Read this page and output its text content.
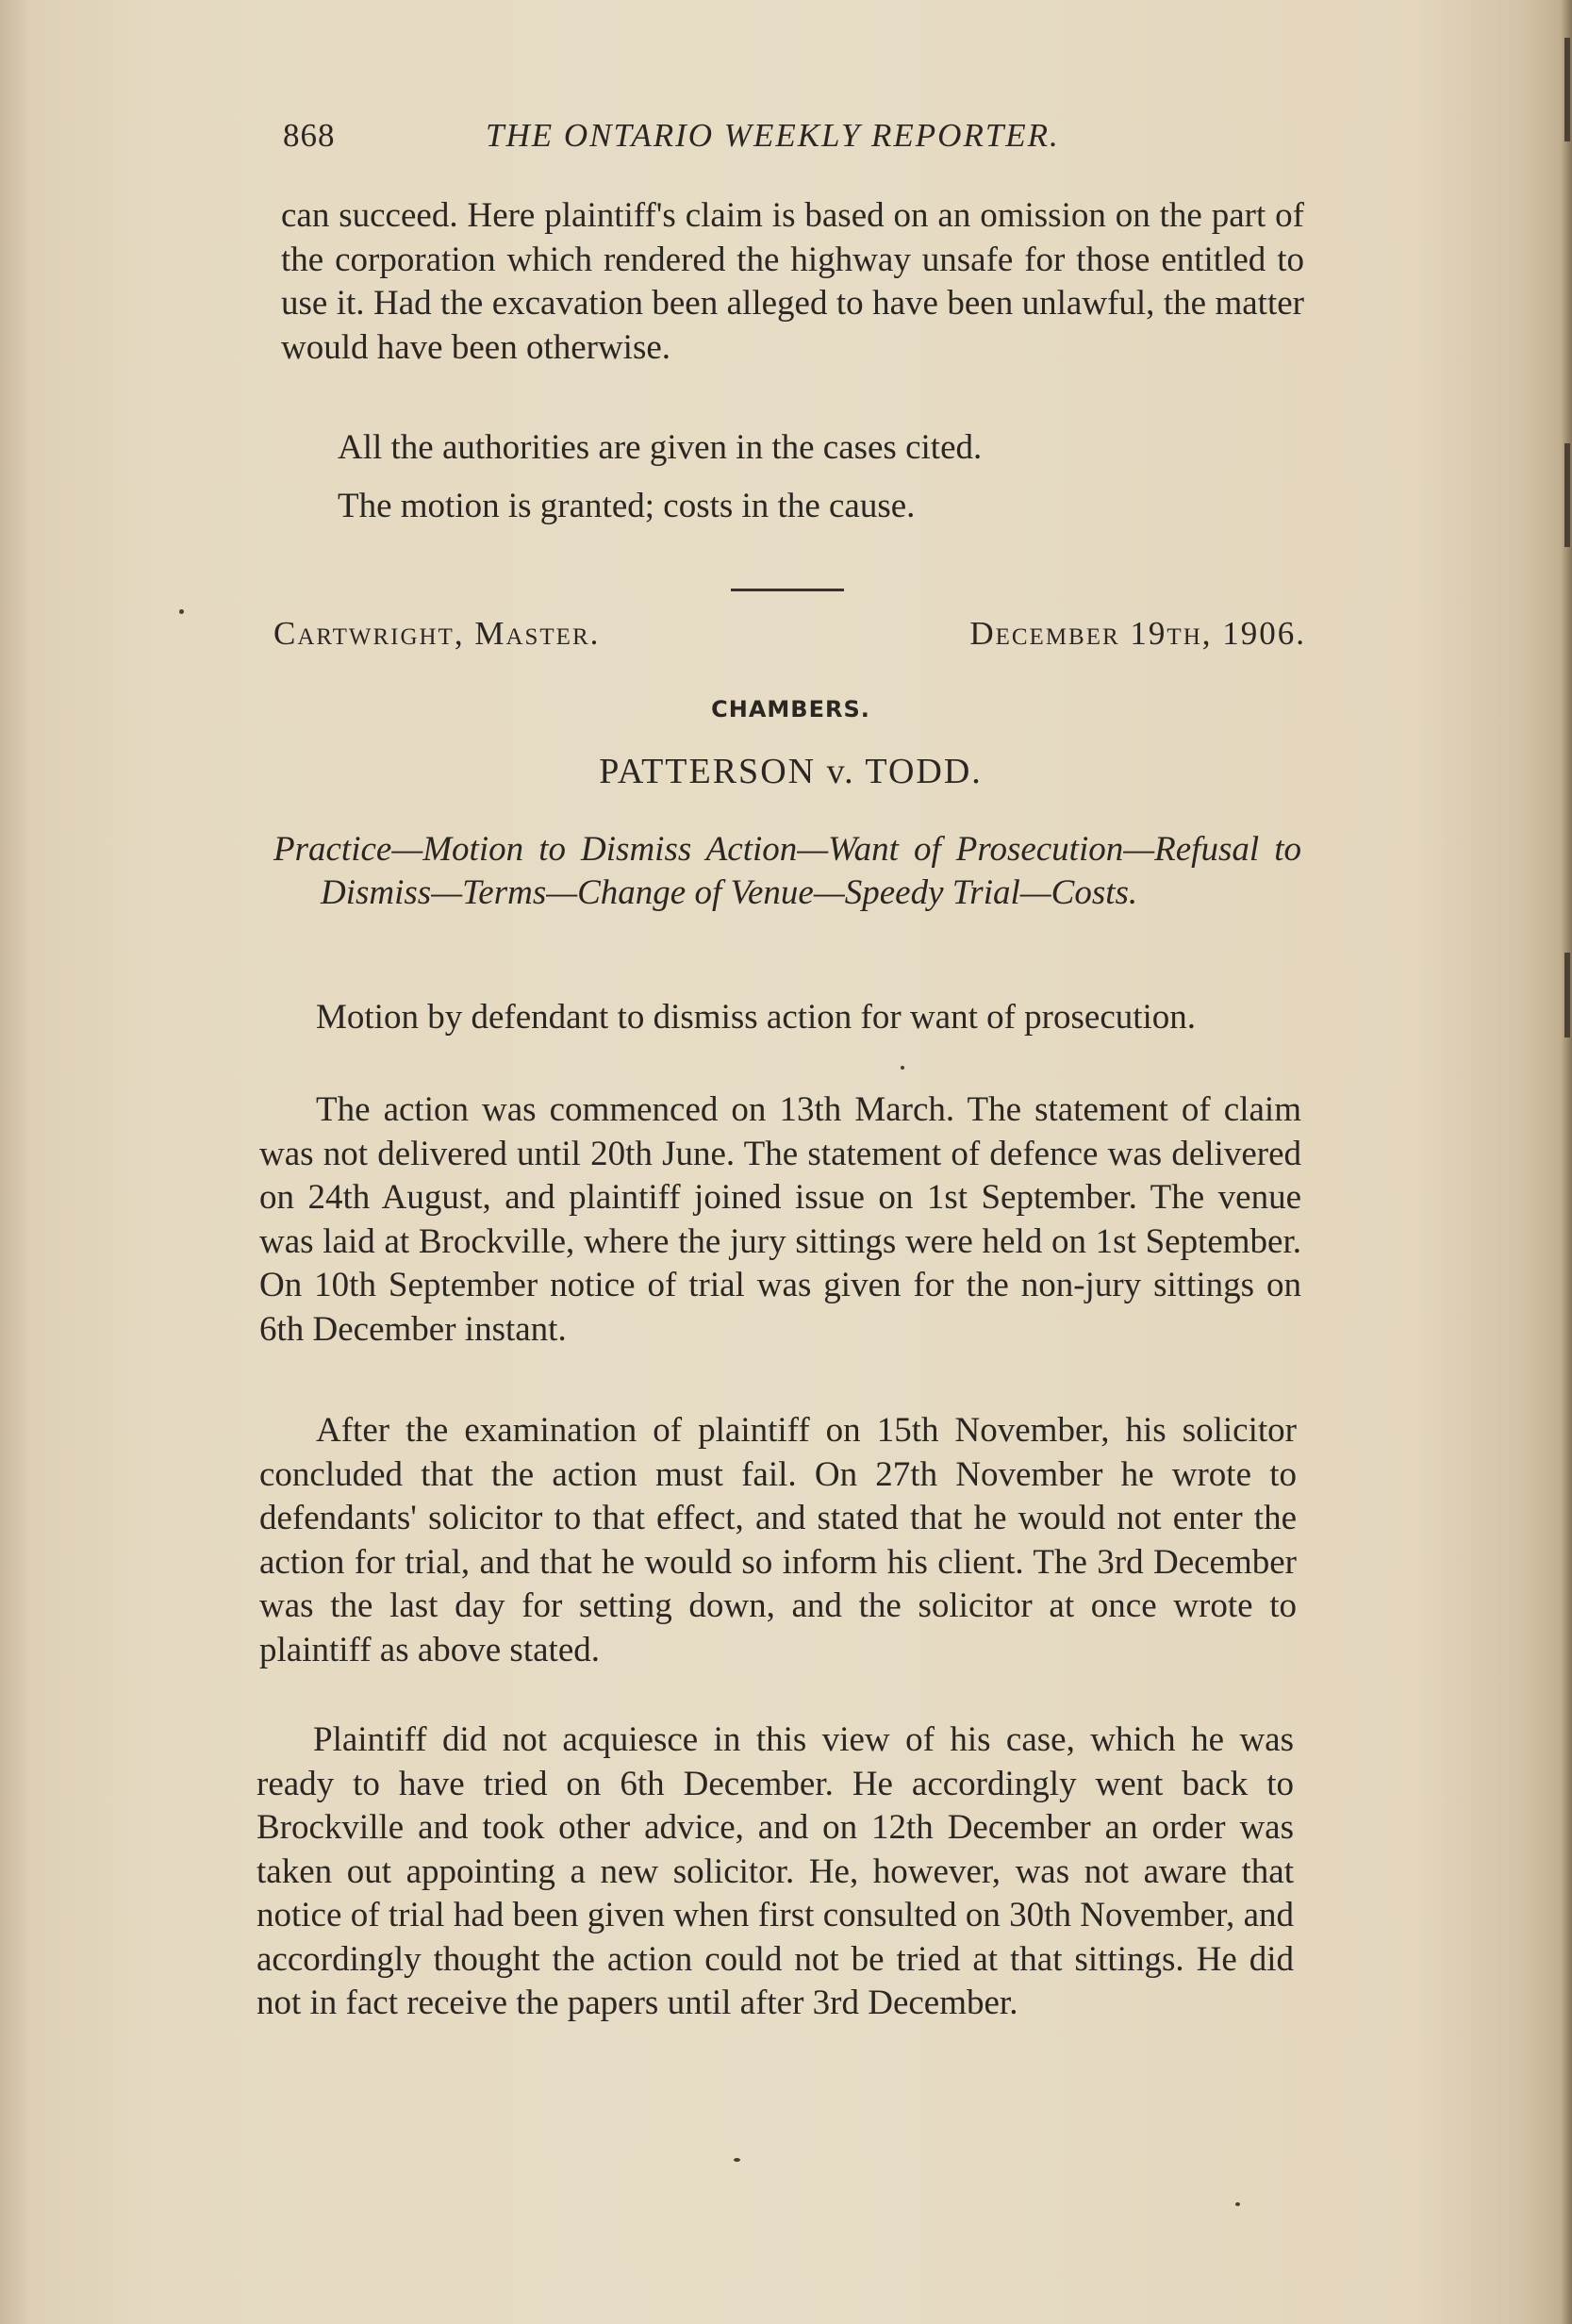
868	THE ONTARIO WEEKLY REPORTER.
can succeed. Here plaintiff's claim is based on an omission on the part of the corporation which rendered the highway unsafe for those entitled to use it. Had the excavation been alleged to have been unlawful, the matter would have been otherwise.
All the authorities are given in the cases cited.
The motion is granted; costs in the cause.
Cartwright, Master.	December 19th, 1906.
CHAMBERS.
PATTERSON v. TODD.
Practice—Motion to Dismiss Action—Want of Prosecution—Refusal to Dismiss—Terms—Change of Venue—Speedy Trial—Costs.
Motion by defendant to dismiss action for want of prosecution.
The action was commenced on 13th March. The statement of claim was not delivered until 20th June. The statement of defence was delivered on 24th August, and plaintiff joined issue on 1st September. The venue was laid at Brockville, where the jury sittings were held on 1st September. On 10th September notice of trial was given for the non-jury sittings on 6th December instant.
After the examination of plaintiff on 15th November, his solicitor concluded that the action must fail. On 27th November he wrote to defendants' solicitor to that effect, and stated that he would not enter the action for trial, and that he would so inform his client. The 3rd December was the last day for setting down, and the solicitor at once wrote to plaintiff as above stated.
Plaintiff did not acquiesce in this view of his case, which he was ready to have tried on 6th December. He accordingly went back to Brockville and took other advice, and on 12th December an order was taken out appointing a new solicitor. He, however, was not aware that notice of trial had been given when first consulted on 30th November, and accordingly thought the action could not be tried at that sittings. He did not in fact receive the papers until after 3rd December.
